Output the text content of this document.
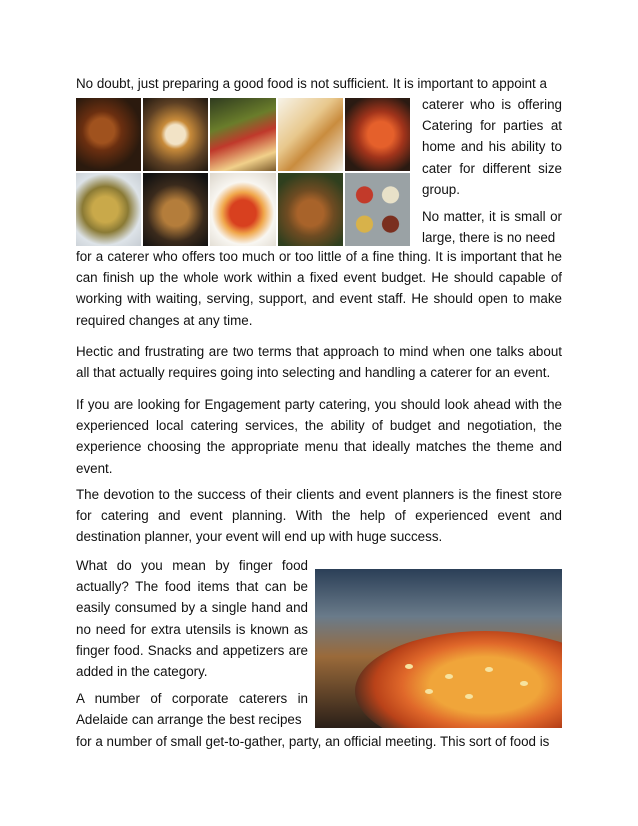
No doubt, just preparing a good food is not sufficient. It is important to appoint a
caterer who is offering Catering for parties at home and his ability to cater for different size group.
No matter, it is small or large, there is no need

for a caterer who offers too much or too little of a fine thing. It is important that he can finish up the whole work within a fixed event budget. He should capable of working with waiting, serving, support, and event staff. He should open to make required changes at any time.

Hectic and frustrating are two terms that approach to mind when one talks about all that actually requires going into selecting and handling a caterer for an event.

If you are looking for Engagement party catering, you should look ahead with the experienced local catering services, the ability of budget and negotiation, the experience choosing the appropriate menu that ideally matches the theme and event.

The devotion to the success of their clients and event planners is the finest store for catering and event planning. With the help of experienced event and destination planner, your event will end up with huge success.

What do you mean by finger food actually? The food items that can be easily consumed by a single hand and no need for extra utensils is known as finger food. Snacks and appetizers are added in the category.
A number of corporate caterers in Adelaide can arrange the best recipes
for a number of small get-to-gather, party, an official meeting. This sort of food is
